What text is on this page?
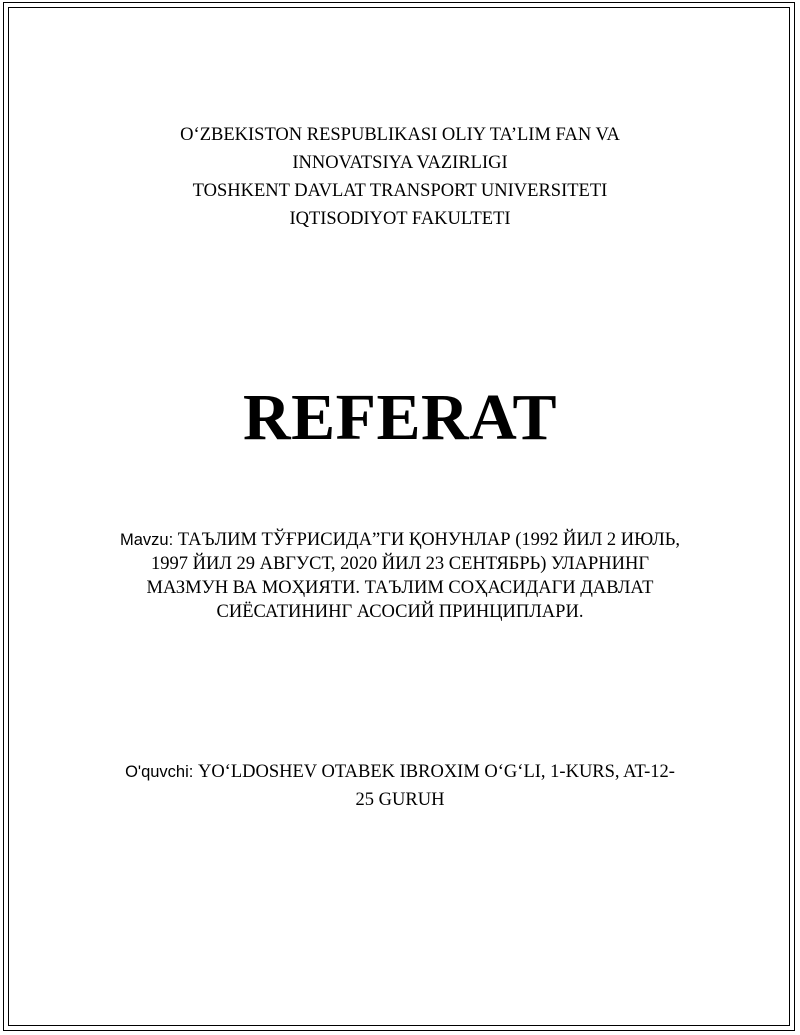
O‘ZBEKISTON RESPUBLIKASI OLIY TA’LIM FAN VA
INNOVATSIYA VAZIRLIGI
TOSHKENT DAVLAT TRANSPORT UNIVERSITETI
IQTISODIYOT FAKULTETI
REFERAT
Mavzu: ТАЪЛИМ ТЎҒРИСИДА”ГИ ҚОНУНЛАР (1992 ЙИЛ 2 ИЮЛЬ,
1997 ЙИЛ 29 АВГУСТ, 2020 ЙИЛ 23 СЕНТЯБРЬ) УЛАРНИНГ
МАЗМУН ВА МОҲИЯТИ. ТАЪЛИМ СОҲАСИДАГИ ДАВЛАТ
СИЁСАТИНИНГ АСОСИЙ ПРИНЦИПЛАРИ.
O'quvchi: YO‘LDOSHEV OTABEK IBROXIM O‘G‘LI, 1-KURS, AT-12-
25 GURUH
